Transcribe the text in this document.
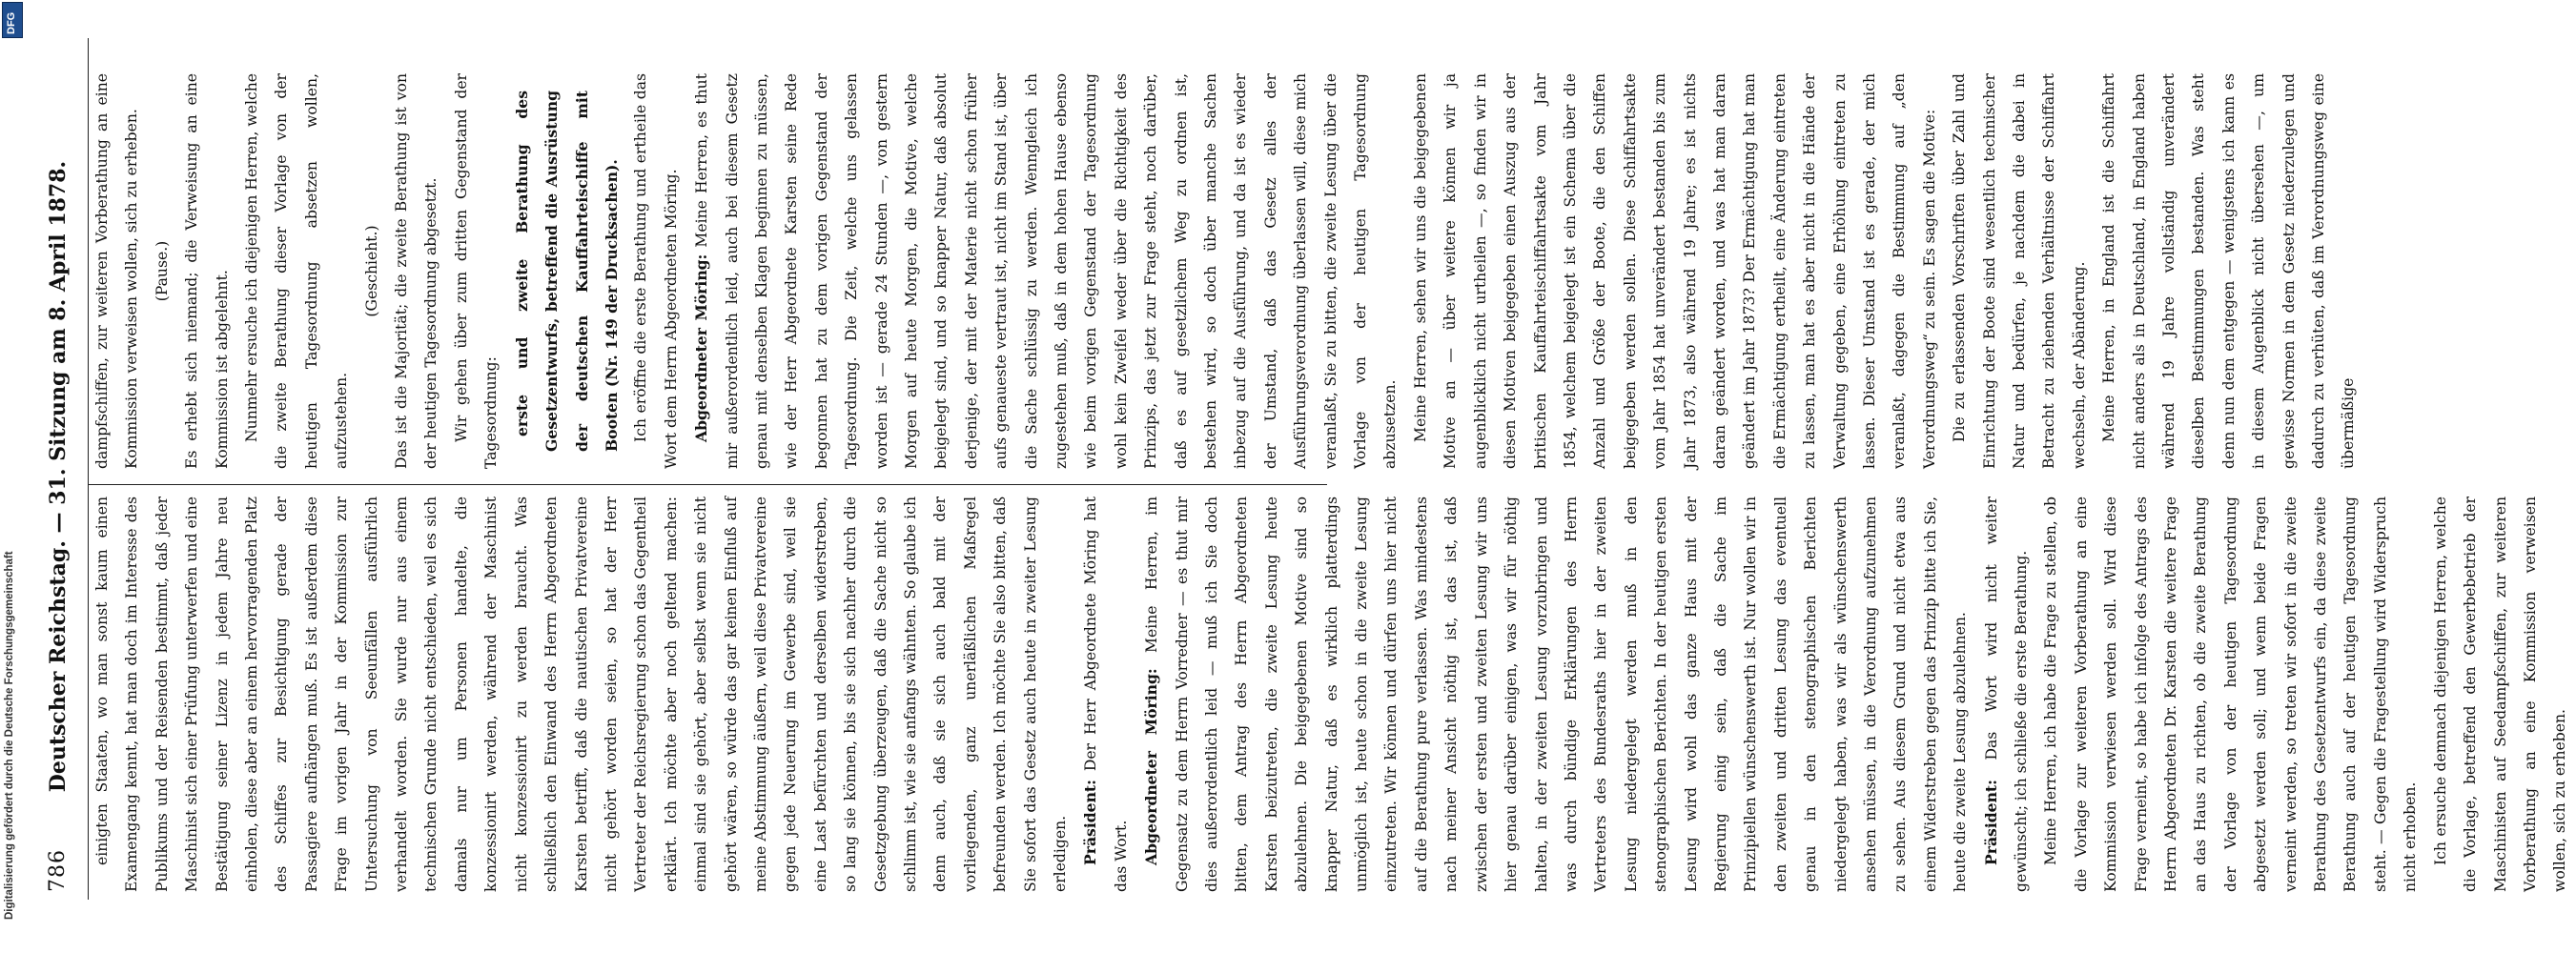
786
Deutscher Reichstag. — 31. Sitzung am 8. April 1878.	einigten Staaten, wo man sonst kaum einen Examengang kennt, hat man doch im Interesse des Publikums und der Reisenden bestimmt, daß jeder Maschinist sich einer Prüfung unterwerfen und eine Bestätigung seiner Lizenz in jedem Jahre neu einholen, diese aber an einem hervorragenden Platz des Schiffes zur Besichtigung gerade der Passagiere aufhängen muß. Es ist außerdem diese Frage im vorigen Jahr in der Kommission zur Untersuchung von Seeunfällen ausführlich verhandelt worden. Sie wurde nur aus einem technischen Grunde nicht entschieden, weil es sich damals nur um Personen handelte, die konzessionirt werden, während der Maschinist nicht konzessionirt zu werden braucht. Was schließlich den Einwand des Herrn Abgeordneten Karsten betrifft, daß die nautischen Privatvereine nicht gehört worden seien, so hat der Herr Vertreter der Reichsregierung schon das Gegentheil erklärt. Ich möchte aber noch geltend machen: einmal sind sie gehört, aber selbst wenn sie nicht gehört wären, so würde das gar keinen Einfluß auf meine Abstimmung äußern, weil diese Privatvereine gegen jede Neuerung im Gewerbe sind, weil sie eine Last befürchten und derselben widerstreben, so lang sie können, bis sie sich nachher durch die Gesetzgebung überzeugen, daß die Sache nicht so schlimm ist, wie sie anfangs wähnten. So glaube ich denn auch, daß sie sich auch bald mit der vorliegenden, ganz unerläßlichen Maßregel befreunden werden. Ich möchte Sie also bitten, daß Sie sofort das Gesetz auch heute in zweiter Lesung erledigen. Präsident: Der Herr Abgeordnete Möring hat das Wort. Abgeordneter Möring: Meine Herren, im Gegensatz zu dem Herrn Vorredner — es thut mir dies außerordentlich leid — muß ich Sie doch bitten, dem Antrag des Herrn Abgeordneten Karsten beizutreten, die zweite Lesung heute abzulehnen. Die beigegebenen Motive sind so knapper Natur, daß es wirklich platterdings unmöglich ist, heute schon in die zweite Lesung einzutreten. Wir können und dürfen uns hier nicht auf die Berathung pure verlassen. Was mindestens nach meiner Ansicht nöthig ist, das ist, daß zwischen der ersten und zweiten Lesung wir uns hier genau darüber einigen, was wir für nöthig halten, in der zweiten Lesung vorzubringen und was durch bündige Erklärungen des Herrn Vertreters des Bundesraths hier in der zweiten Lesung niedergelegt werden muß in den stenographischen Berichten. In der heutigen ersten Lesung wird wohl das ganze Haus mit der Regierung einig sein, daß die Sache im Prinzipiellen wünschenswerth ist. Nur wollen wir in den zweiten und dritten Lesung das eventuell genau in den stenographischen Berichten niedergelegt haben, was wir als wünschenswerth ansehen müssen, in die Verordnung aufzunehmen zu sehen. Aus diesem Grund und nicht etwa aus einem Widerstreben gegen das Prinzip bitte ich Sie, heute die zweite Lesung abzulehnen. Präsident: Das Wort wird nicht weiter gewünscht; ich schließe die erste Berathung. Meine Herren, ich habe die Frage zu stellen, ob die Vorlage zur weiteren Vorberathung an eine Kommission verwiesen werden soll. Wird diese Frage verneint, so habe ich infolge des Antrags des Herrn Abgeordneten Dr. Karsten die weitere Frage an das Haus zu richten, ob die zweite Berathung der Vorlage von der heutigen Tagesordnung abgesetzt werden soll; und wenn beide Fragen verneint werden, so treten wir sofort in die zweite Berathung des Gesetzentwurfs ein, da diese zweite Berathung auch auf der heutigen Tagesordnung steht. — Gegen die Fragestellung wird Widerspruch nicht erhoben. Ich ersuche demnach diejenigen Herren, welche die Vorlage, betreffend den Gewerbebetrieb der Maschinisten auf Seedampfschiffen, zur weiteren Vorberathung an eine Kommission verweisen wollen, sich zu erheben.

dampfschiffen, zur weiteren Vorberathung an eine Kommission verweisen wollen, sich zu erheben. (Pause.) Es erhebt sich niemand; die Verweisung an eine Kommission ist abgelehnt. Nunmehr ersuche ich diejenigen Herren, welche die zweite Berathung dieser Vorlage von der heutigen Tagesordnung absetzen wollen, aufzustehen.

(Geschieht.) Das ist die Majorität; die zweite Berathung ist von der heutigen Tagesordnung abgesetzt. Wir gehen über zum dritten Gegenstand der Tagesordnung: erste und zweite Berathung des Gesetzentwurfs, betreffend die Ausrüstung der deutschen Kauffahrteischiffe mit Booten (Nr. 149 der Drucksachen). Ich eröffne die erste Berathung und ertheile das Wort dem Herrn Abgeordneten Möring. Abgeordneter Möring: Meine Herren, es thut mir außerordentlich leid, auch bei diesem Gesetz genau mit denselben Klagen beginnen zu müssen, wie der Herr Abgeordnete Karsten seine Rede begonnen hat zu dem vorigen Gegenstand der Tagesordnung. Die Zeit, welche uns gelassen worden ist — gerade 24 Stunden —, von gestern Morgen auf heute Morgen, die Motive, welche beigelegt sind, und so knapper Natur, daß absolut derjenige, der mit der Materie nicht schon früher aufs genaueste vertraut ist, nicht im Stand ist, über die Sache schlüssig zu werden. Wenngleich ich zugestehen muß, daß in dem hohen Hause ebenso wie beim vorigen Gegenstand der Tagesordnung wohl kein Zweifel weder über die Richtigkeit des Prinzips, das jetzt zur Frage steht, noch darüber, daß es auf gesetzlichem Weg zu ordnen ist, bestehen wird, so doch über manche Sachen inbezug auf die Ausführung, und da ist es wieder der Umstand, daß das Gesetz alles der Ausführungsverordnung überlassen will, diese mich veranlaßt, Sie zu bitten, die zweite Lesung über die Vorlage von der heutigen Tagesordnung abzusetzen. Meine Herren, sehen wir uns die beigegebenen Motive an — über weitere können wir ja augenblicklich nicht urtheilen —, so finden wir in diesen Motiven beigegeben einen Auszug aus der britischen Kauffahrteischiffahrtsakte vom Jahr 1854, welchem beigelegt ist ein Schema über die Anzahl und Größe der Boote, die den Schiffen beigegeben werden sollen. Diese Schiffahrtsakte vom Jahr 1854 hat unverändert bestanden bis zum Jahr 1873, also während 19 Jahre; es ist nichts daran geändert worden, und was hat man daran geändert im Jahr 1873? Der Ermächtigung hat man die Ermächtigung ertheilt, eine Änderung eintreten zu lassen, man hat es aber nicht in die Hände der Verwaltung gegeben, eine Erhöhung eintreten zu lassen. Dieser Umstand ist es gerade, der mich veranlaßt, dagegen die Bestimmung auf „den Verordnungsweg“ zu sein. Es sagen die Motive: Die zu erlassenden Vorschriften über Zahl und Einrichtung der Boote sind wesentlich technischer Natur und bedürfen, je nachdem die dabei in Betracht zu ziehenden Verhältnisse der Schiffahrt wechseln, der Abänderung. Meine Herren, in England ist die Schiffahrt nicht anders als in Deutschland, in England haben während 19 Jahre vollständig unverändert dieselben Bestimmungen bestanden. Was steht denn nun dem entgegen — wenigstens ich kann es in diesem Augenblick nicht übersehen —, um gewisse Normen in dem Gesetz niederzulegen und dadurch zu verhüten, daß im Verordnungsweg eine übermäßige

DFG
Digitalisierung gefördert durch die Deutsche Forschungsgemeinschaft
